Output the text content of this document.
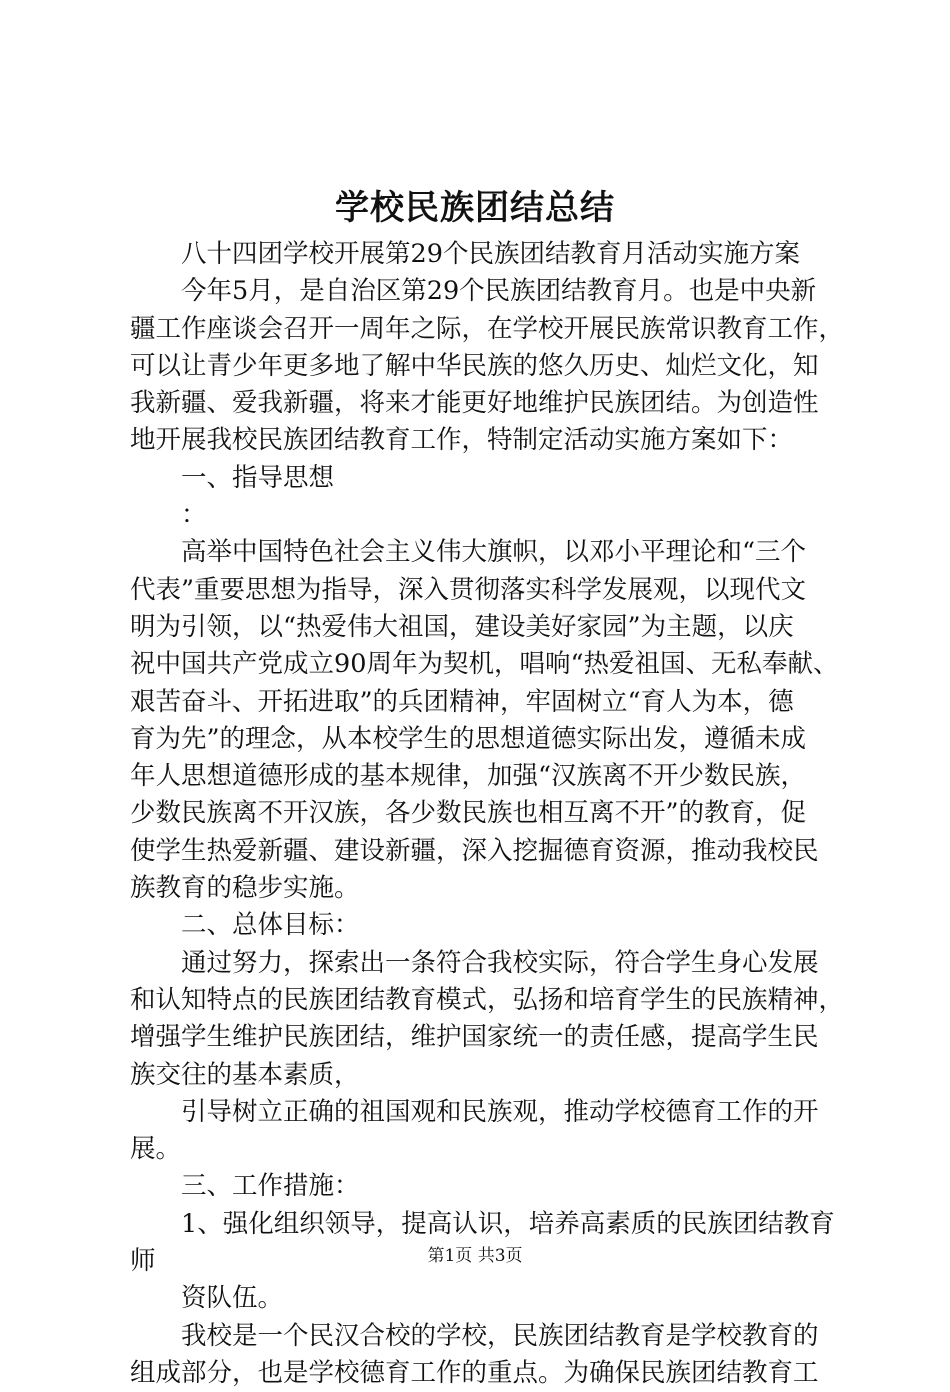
学校民族团结总结
八十四团学校开展第29个民族团结教育月活动实施方案
今年5月，是自治区第29个民族团结教育月。也是中央新
疆工作座谈会召开一周年之际，在学校开展民族常识教育工作，
可以让青少年更多地了解中华民族的悠久历史、灿烂文化，知
我新疆、爱我新疆，将来才能更好地维护民族团结。为创造性
地开展我校民族团结教育工作，特制定活动实施方案如下：
一、指导思想
：
高举中国特色社会主义伟大旗帜，以邓小平理论和“三个
代表”重要思想为指导，深入贯彻落实科学发展观，以现代文
明为引领，以“热爱伟大祖国，建设美好家园”为主题，以庆
祝中国共产党成立90周年为契机，唱响“热爱祖国、无私奉献、
艰苦奋斗、开拓进取”的兵团精神，牢固树立“育人为本，德
育为先”的理念，从本校学生的思想道德实际出发，遵循未成
年人思想道德形成的基本规律，加强“汉族离不开少数民族，
少数民族离不开汉族，各少数民族也相互离不开”的教育，促
使学生热爱新疆、建设新疆，深入挖掘德育资源，推动我校民
族教育的稳步实施。
二、总体目标：
通过努力，探索出一条符合我校实际，符合学生身心发展
和认知特点的民族团结教育模式，弘扬和培育学生的民族精神，
增强学生维护民族团结，维护国家统一的责任感，提高学生民
族交往的基本素质，
引导树立正确的祖国观和民族观，推动学校德育工作的开
展。
三、工作措施：
1、强化组织领导，提高认识，培养高素质的民族团结教育
师
资队伍。
我校是一个民汉合校的学校，民族团结教育是学校教育的
组成部分，也是学校德育工作的重点。为确保民族团结教育工
第1页 共3页
